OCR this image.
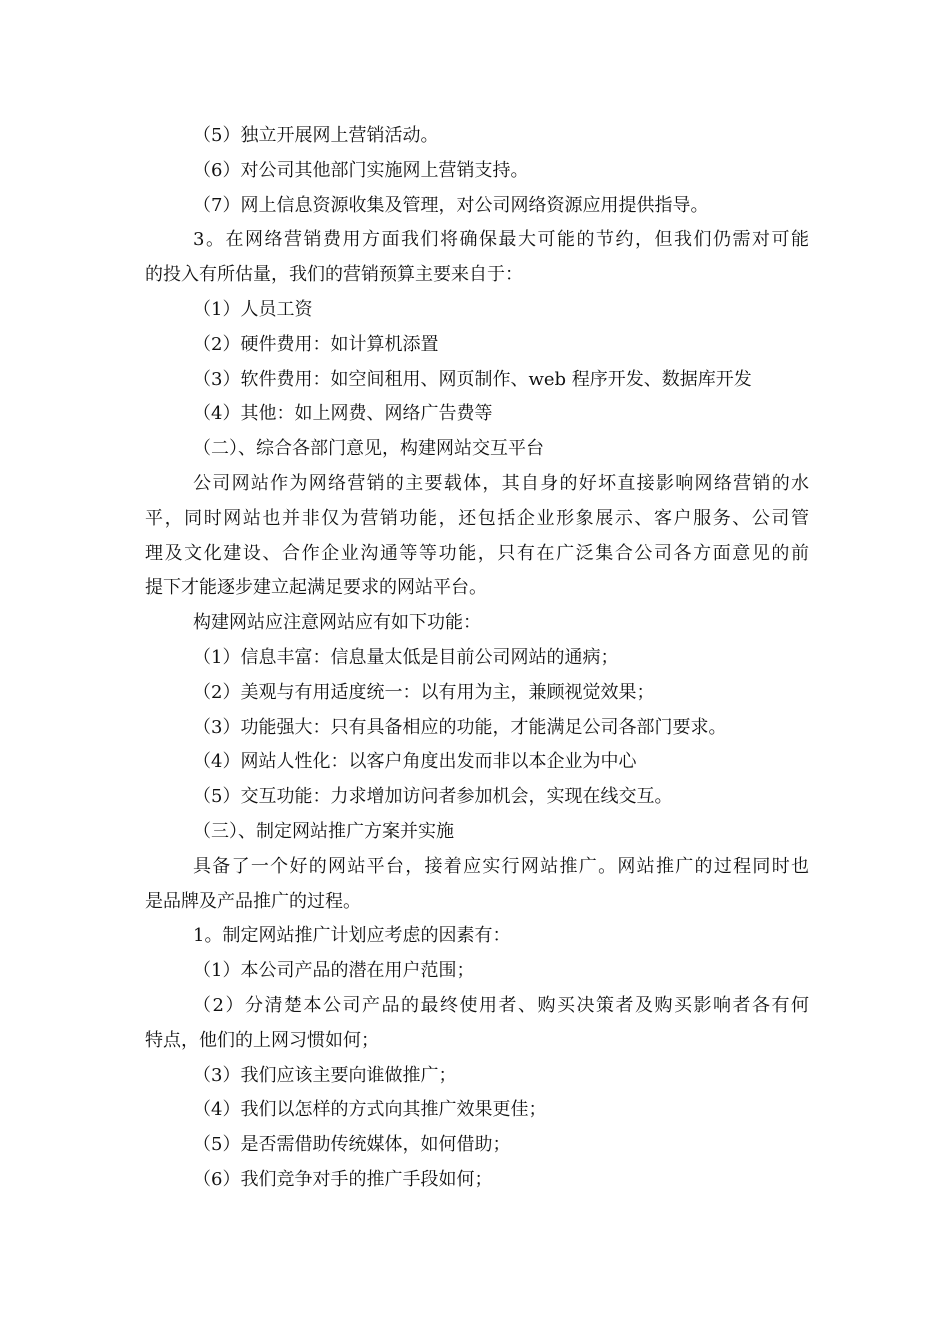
（5）独立开展网上营销活动。
（6）对公司其他部门实施网上营销支持。
（7）网上信息资源收集及管理，对公司网络资源应用提供指导。
3。在网络营销费用方面我们将确保最大可能的节约，但我们仍需对可能
的投入有所估量，我们的营销预算主要来自于：
（1）人员工资
（2）硬件费用：如计算机添置
（3）软件费用：如空间租用、网页制作、web 程序开发、数据库开发
（4）其他：如上网费、网络广告费等
（二）、综合各部门意见，构建网站交互平台
公司网站作为网络营销的主要载体，其自身的好坏直接影响网络营销的水
平，同时网站也并非仅为营销功能，还包括企业形象展示、客户服务、公司管
理及文化建设、合作企业沟通等等功能，只有在广泛集合公司各方面意见的前
提下才能逐步建立起满足要求的网站平台。
构建网站应注意网站应有如下功能：
（1）信息丰富：信息量太低是目前公司网站的通病；
（2）美观与有用适度统一：以有用为主，兼顾视觉效果；
（3）功能强大：只有具备相应的功能，才能满足公司各部门要求。
（4）网站人性化：以客户角度出发而非以本企业为中心
（5）交互功能：力求增加访问者参加机会，实现在线交互。
（三）、制定网站推广方案并实施
具备了一个好的网站平台，接着应实行网站推广。网站推广的过程同时也
是品牌及产品推广的过程。
1。制定网站推广计划应考虑的因素有：
（1）本公司产品的潜在用户范围；
（2）分清楚本公司产品的最终使用者、购买决策者及购买影响者各有何
特点，他们的上网习惯如何；
（3）我们应该主要向谁做推广；
（4）我们以怎样的方式向其推广效果更佳；
（5）是否需借助传统媒体，如何借助；
（6）我们竞争对手的推广手段如何；
